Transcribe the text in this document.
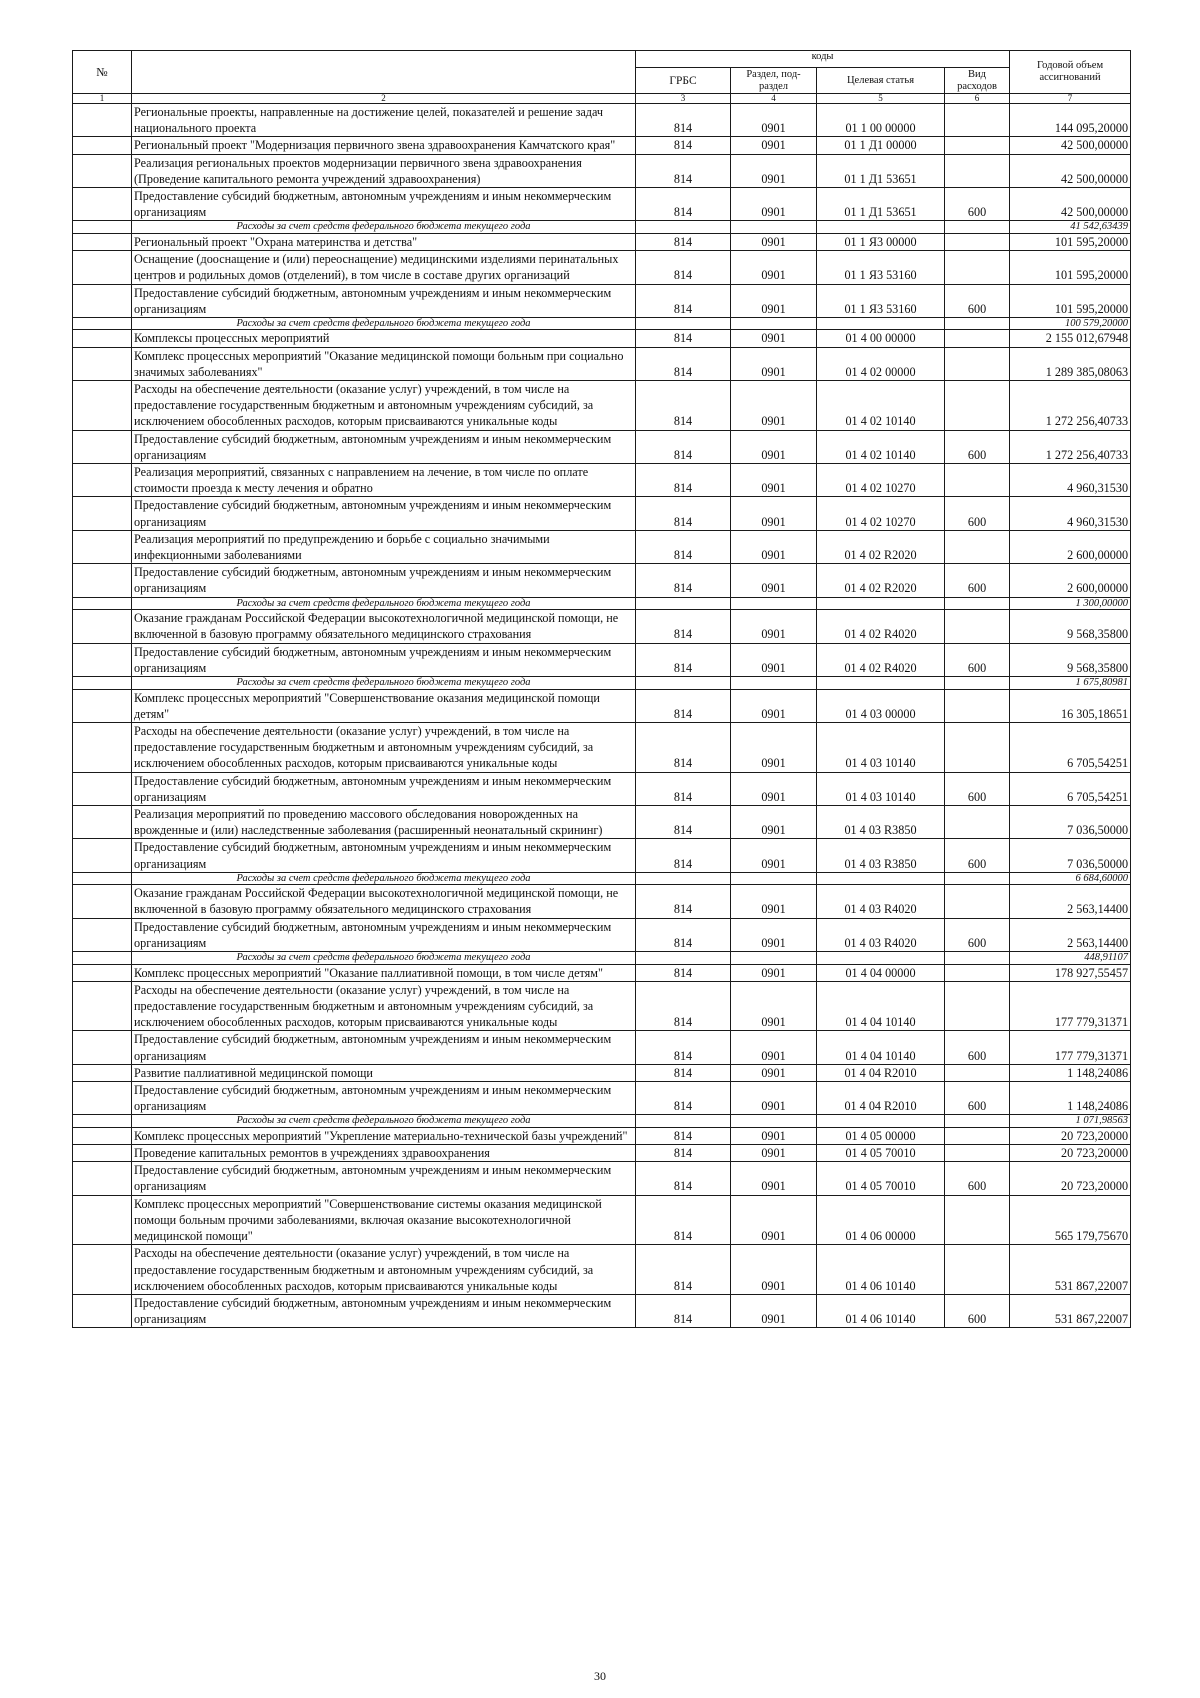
№		коды				Годовой объем ассигнований
		ГРБС	Раздел, под-раздел	Целевая статья	Вид расходов	
1	2	3	4	5	6	7
	Региональные проекты, направленные на достижение целей, показателей и решение задач национального проекта	814	0901	01 1 00 00000		144 095,20000
	Региональный проект "Модернизация первичного звена здравоохранения Камчатского края"	814	0901	01 1 Д1 00000		42 500,00000
	Реализация региональных проектов модернизации первичного звена здравоохранения (Проведение капитального ремонта учреждений здравоохранения)	814	0901	01 1 Д1 53651		42 500,00000
	Предоставление субсидий бюджетным, автономным учреждениям и иным некоммерческим организациям	814	0901	01 1 Д1 53651	600	42 500,00000
	Расходы за счет средств федерального бюджета текущего года					41 542,63439
	Региональный проект "Охрана материнства и детства"	814	0901	01 1 Я3 00000		101 595,20000
	Оснащение (дооснащение и (или) переоснащение) медицинскими изделиями перинатальных центров и родильных домов (отделений), в том числе в составе других организаций	814	0901	01 1 Я3 53160		101 595,20000
	Предоставление субсидий бюджетным, автономным учреждениям и иным некоммерческим организациям	814	0901	01 1 Я3 53160	600	101 595,20000
	Расходы за счет средств федерального бюджета текущего года					100 579,20000
	Комплексы процессных мероприятий	814	0901	01 4 00 00000		2 155 012,67948
	Комплекс процессных мероприятий "Оказание медицинской помощи больным при социально значимых заболеваниях"	814	0901	01 4 02 00000		1 289 385,08063
	Расходы на обеспечение деятельности (оказание услуг) учреждений, в том числе на предоставление государственным бюджетным и автономным учреждениям субсидий, за исключением обособленных расходов, которым присваиваются уникальные коды	814	0901	01 4 02 10140		1 272 256,40733
	Предоставление субсидий бюджетным, автономным учреждениям и иным некоммерческим организациям	814	0901	01 4 02 10140	600	1 272 256,40733
	Реализация мероприятий, связанных с направлением на лечение, в том числе по оплате стоимости проезда к месту лечения и обратно	814	0901	01 4 02 10270		4 960,31530
	Предоставление субсидий бюджетным, автономным учреждениям и иным некоммерческим организациям	814	0901	01 4 02 10270	600	4 960,31530
	Реализация мероприятий по предупреждению и борьбе с социально значимыми инфекционными заболеваниями	814	0901	01 4 02 R2020		2 600,00000
	Предоставление субсидий бюджетным, автономным учреждениям и иным некоммерческим организациям	814	0901	01 4 02 R2020	600	2 600,00000
	Расходы за счет средств федерального бюджета текущего года					1 300,00000
	Оказание гражданам Российской Федерации высокотехнологичной медицинской помощи, не включенной в базовую программу обязательного медицинского страхования	814	0901	01 4 02 R4020		9 568,35800
	Предоставление субсидий бюджетным, автономным учреждениям и иным некоммерческим организациям	814	0901	01 4 02 R4020	600	9 568,35800
	Расходы за счет средств федерального бюджета текущего года					1 675,80981
	Комплекс процессных мероприятий "Совершенствование оказания медицинской помощи детям"	814	0901	01 4 03 00000		16 305,18651
	Расходы на обеспечение деятельности (оказание услуг) учреждений, в том числе на предоставление государственным бюджетным и автономным учреждениям субсидий, за исключением обособленных расходов, которым присваиваются уникальные коды	814	0901	01 4 03 10140		6 705,54251
	Предоставление субсидий бюджетным, автономным учреждениям и иным некоммерческим организациям	814	0901	01 4 03 10140	600	6 705,54251
	Реализация мероприятий по проведению массового обследования новорожденных на врожденные и (или) наследственные заболевания (расширенный неонатальный скрининг)	814	0901	01 4 03 R3850		7 036,50000
	Предоставление субсидий бюджетным, автономным учреждениям и иным некоммерческим организациям	814	0901	01 4 03 R3850	600	7 036,50000
	Расходы за счет средств федерального бюджета текущего года					6 684,60000
	Оказание гражданам Российской Федерации высокотехнологичной медицинской помощи, не включенной в базовую программу обязательного медицинского страхования	814	0901	01 4 03 R4020		2 563,14400
	Предоставление субсидий бюджетным, автономным учреждениям и иным некоммерческим организациям	814	0901	01 4 03 R4020	600	2 563,14400
	Расходы за счет средств федерального бюджета текущего года					448,91107
	Комплекс процессных мероприятий "Оказание паллиативной помощи, в том числе детям"	814	0901	01 4 04 00000		178 927,55457
	Расходы на обеспечение деятельности (оказание услуг) учреждений, в том числе на предоставление государственным бюджетным и автономным учреждениям субсидий, за исключением обособленных расходов, которым присваиваются уникальные коды	814	0901	01 4 04 10140		177 779,31371
	Предоставление субсидий бюджетным, автономным учреждениям и иным некоммерческим организациям	814	0901	01 4 04 10140	600	177 779,31371
	Развитие паллиативной медицинской помощи	814	0901	01 4 04 R2010		1 148,24086
	Предоставление субсидий бюджетным, автономным учреждениям и иным некоммерческим организациям	814	0901	01 4 04 R2010	600	1 148,24086
	Расходы за счет средств федерального бюджета текущего года					1 071,98563
	Комплекс процессных мероприятий "Укрепление материально-технической базы учреждений"	814	0901	01 4 05 00000		20 723,20000
	Проведение капитальных ремонтов в учреждениях здравоохранения	814	0901	01 4 05 70010		20 723,20000
	Предоставление субсидий бюджетным, автономным учреждениям и иным некоммерческим организациям	814	0901	01 4 05 70010	600	20 723,20000
	Комплекс процессных мероприятий "Совершенствование системы оказания медицинской помощи больным прочими заболеваниями, включая оказание высокотехнологичной медицинской помощи"	814	0901	01 4 06 00000		565 179,75670
	Расходы на обеспечение деятельности (оказание услуг) учреждений, в том числе на предоставление государственным бюджетным и автономным учреждениям субсидий, за исключением обособленных расходов, которым присваиваются уникальные коды	814	0901	01 4 06 10140		531 867,22007
	Предоставление субсидий бюджетным, автономным учреждениям и иным некоммерческим организациям	814	0901	01 4 06 10140	600	531 867,22007
30
